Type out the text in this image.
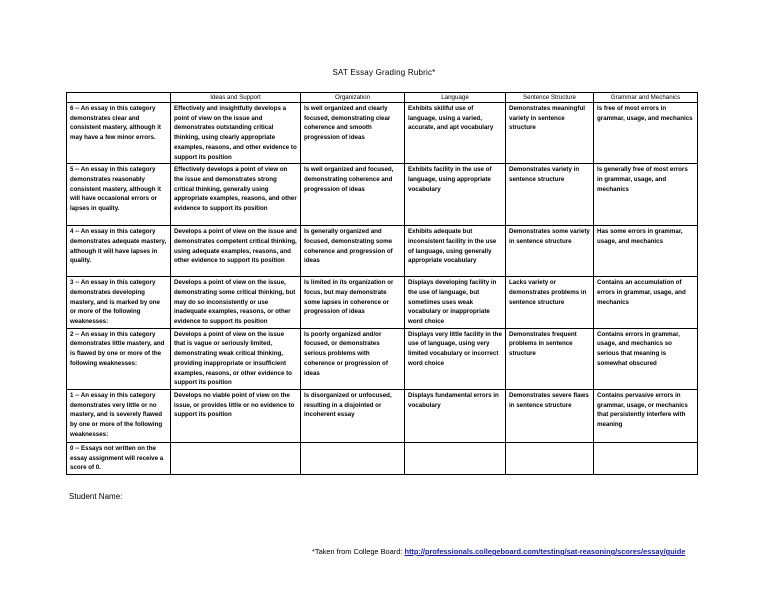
SAT Essay Grading Rubric*
	Ideas and Support	Organization	Language	Sentence Structure	Grammar and Mechanics
6 -- An essay in this category demonstrates clear and consistent mastery, although it may have a few minor errors.	Effectively and insightfully develops a point of view on the issue and demonstrates outstanding critical thinking, using clearly appropriate examples, reasons, and other evidence to support its position	Is well organized and clearly focused, demonstrating clear coherence and smooth progression of ideas	Exhibits skillful use of language, using a varied, accurate, and apt vocabulary	Demonstrates meaningful variety in sentence structure	Is free of most errors in grammar, usage, and mechanics
5 -- An essay in this category demonstrates reasonably consistent mastery, although it will have occasional errors or lapses in quality.	Effectively develops a point of view on the issue and demonstrates strong critical thinking, generally using appropriate examples, reasons, and other evidence to support its position	Is well organized and focused, demonstrating coherence and progression of ideas	Exhibits facility in the use of language, using appropriate vocabulary	Demonstrates variety in sentence structure	Is generally free of most errors in grammar, usage, and mechanics
4 -- An essay in this category demonstrates adequate mastery, although it will have lapses in quality.	Develops a point of view on the issue and demonstrates competent critical thinking, using adequate examples, reasons, and other evidence to support its position	Is generally organized and focused, demonstrating some coherence and progression of ideas	Exhibits adequate but inconsistent facility in the use of language, using generally appropriate vocabulary	Demonstrates some variety in sentence structure	Has some errors in grammar, usage, and mechanics
3 -- An essay in this category demonstrates developing mastery, and is marked by one or more of the following weaknesses:	Develops a point of view on the issue, demonstrating some critical thinking, but may do so inconsistently or use inadequate examples, reasons, or other evidence to support its position	Is limited in its organization or focus, but may demonstrate some lapses in coherence or progression of ideas	Displays developing facility in the use of language, but sometimes uses weak vocabulary or inappropriate word choice	Lacks variety or demonstrates problems in sentence structure	Contains an accumulation of errors in grammar, usage, and mechanics
2 -- An essay in this category demonstrates little mastery, and is flawed by one or more of the following weaknesses:	Develops a point of view on the issue that is vague or seriously limited, demonstrating weak critical thinking, providing inappropriate or insufficient examples, reasons, or other evidence to support its position	Is poorly organized and/or focused, or demonstrates serious problems with coherence or progression of ideas	Displays very little facility in the use of language, using very limited vocabulary or incorrect word choice	Demonstrates frequent problems in sentence structure	Contains errors in grammar, usage, and mechanics so serious that meaning is somewhat obscured
1 -- An essay in this category demonstrates very little or no mastery, and is severely flawed by one or more of the following weaknesses:	Develops no viable point of view on the issue, or provides little or no evidence to support its position	Is disorganized or unfocused, resulting in a disjointed or incoherent essay	Displays fundamental errors in vocabulary	Demonstrates severe flaws in sentence structure	Contains pervasive errors in grammar, usage, or mechanics that persistently interfere with meaning
0 -- Essays not written on the essay assignment will receive a score of 0.					
Student Name:
*Taken from College Board: http://professionals.collegeboard.com/testing/sat-reasoning/scores/essay/guide
